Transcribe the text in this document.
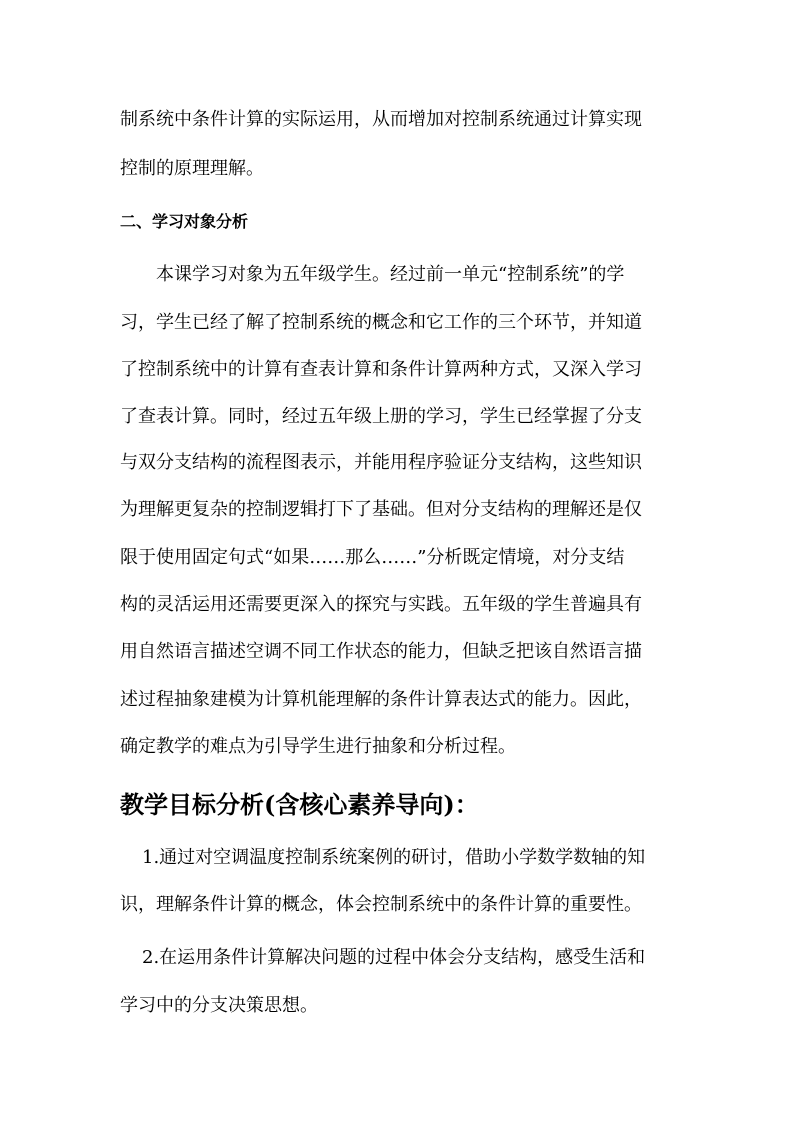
制系统中条件计算的实际运用，从而增加对控制系统通过计算实现
控制的原理理解。
二、学习对象分析
本课学习对象为五年级学生。经过前一单元“控制系统”的学
习，学生已经了解了控制系统的概念和它工作的三个环节，并知道
了控制系统中的计算有查表计算和条件计算两种方式，又深入学习
了查表计算。同时，经过五年级上册的学习，学生已经掌握了分支
与双分支结构的流程图表示，并能用程序验证分支结构，这些知识
为理解更复杂的控制逻辑打下了基础。但对分支结构的理解还是仅
限于使用固定句式“如果……那么……”分析既定情境，对分支结
构的灵活运用还需要更深入的探究与实践。五年级的学生普遍具有
用自然语言描述空调不同工作状态的能力，但缺乏把该自然语言描
述过程抽象建模为计算机能理解的条件计算表达式的能力。因此，
确定教学的难点为引导学生进行抽象和分析过程。
教学目标分析(含核心素养导向)：
1.通过对空调温度控制系统案例的研讨，借助小学数学数轴的知
识，理解条件计算的概念，体会控制系统中的条件计算的重要性。
2.在运用条件计算解决问题的过程中体会分支结构，感受生活和
学习中的分支决策思想。
